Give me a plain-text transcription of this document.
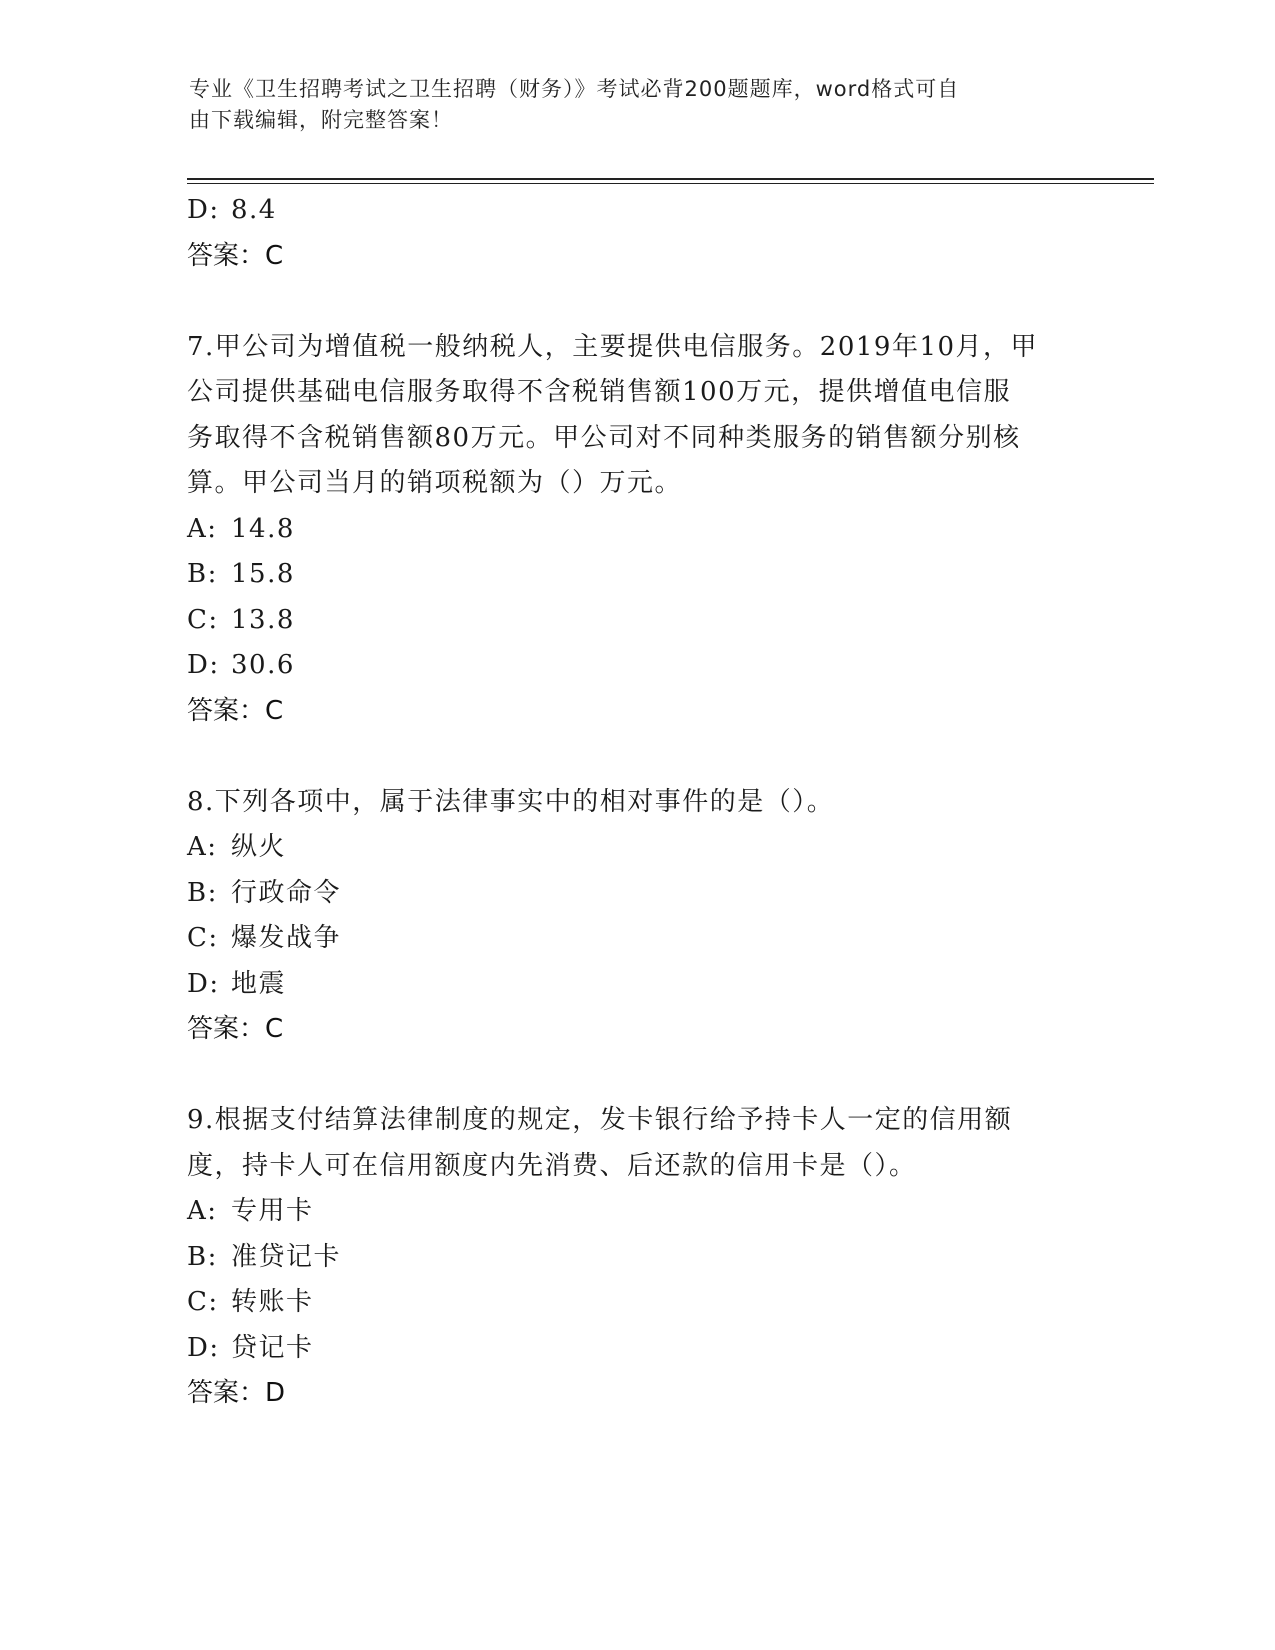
专业《卫生招聘考试之卫生招聘（财务）》考试必背200题题库，word格式可自
由下载编辑，附完整答案！
D: 8.4
答案：C
7.甲公司为增值税一般纳税人，主要提供电信服务。2019年10月，甲
公司提供基础电信服务取得不含税销售额100万元，提供增值电信服
务取得不含税销售额80万元。甲公司对不同种类服务的销售额分别核
算。甲公司当月的销项税额为（）万元。
A: 14.8
B: 15.8
C: 13.8
D: 30.6
答案：C
8.下列各项中，属于法律事实中的相对事件的是（）。
A: 纵火
B: 行政命令
C: 爆发战争
D: 地震
答案：C
9.根据支付结算法律制度的规定，发卡银行给予持卡人一定的信用额
度，持卡人可在信用额度内先消费、后还款的信用卡是（）。
A: 专用卡
B: 准贷记卡
C: 转账卡
D: 贷记卡
答案：D
